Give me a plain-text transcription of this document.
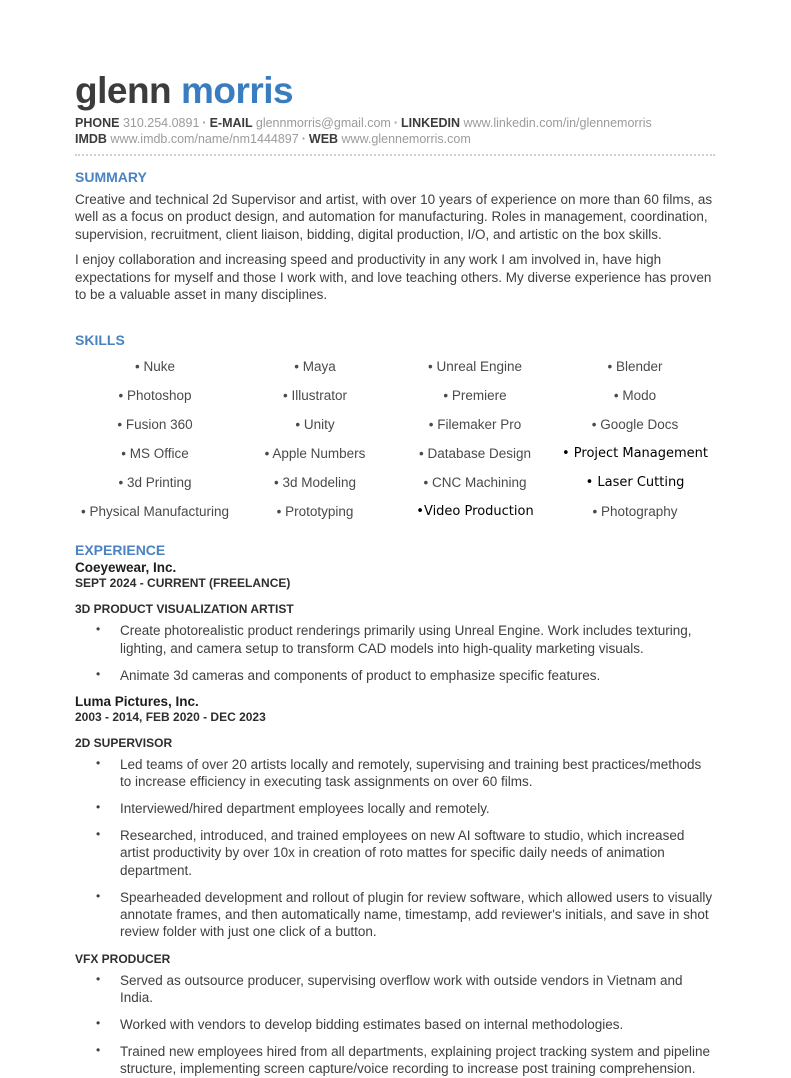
glenn morris
PHONE 310.254.0891 · E-MAIL glennmorris@gmail.com · LINKEDIN www.linkedin.com/in/glennemorris
IMDB www.imdb.com/name/nm1444897 · WEB www.glennemorris.com
SUMMARY

Creative and technical 2d Supervisor and artist, with over 10 years of experience on more than 60 films, as well as a focus on product design, and automation for manufacturing. Roles in management, coordination, supervision, recruitment, client liaison, bidding, digital production, I/O, and artistic on the box skills.

I enjoy collaboration and increasing speed and productivity in any work I am involved in, have high expectations for myself and those I work with, and love teaching others. My diverse experience has proven to be a valuable asset in many disciplines.

SKILLS
• Nuke	• Maya	• Unreal Engine	• Blender
• Photoshop	• Illustrator	• Premiere	• Modo
• Fusion 360	• Unity	• Filemaker Pro	• Google Docs
• MS Office	• Apple Numbers	• Database Design	• Project Management
• 3d Printing	• 3d Modeling	• CNC Machining	• Laser Cutting
• Physical Manufacturing	• Prototyping	•Video Production	• Photography
EXPERIENCE
Coeyewear, Inc.
SEPT 2024 - CURRENT (FREELANCE)
3D PRODUCT VISUALIZATION ARTIST
• Create photorealistic product renderings primarily using Unreal Engine. Work includes texturing, lighting, and camera setup to transform CAD models into high-quality marketing visuals.
• Animate 3d cameras and components of product to emphasize specific features.
Luma Pictures, Inc.
2003 - 2014, FEB 2020 - DEC 2023
2D SUPERVISOR
• Led teams of over 20 artists locally and remotely, supervising and training best practices/methods to increase efficiency in executing task assignments on over 60 films.
• Interviewed/hired department employees locally and remotely.
• Researched, introduced, and trained employees on new AI software to studio, which increased artist productivity by over 10x in creation of roto mattes for specific daily needs of animation department.
• Spearheaded development and rollout of plugin for review software, which allowed users to visually annotate frames, and then automatically name, timestamp, add reviewer's initials, and save in shot review folder with just one click of a button.
VFX PRODUCER
• Served as outsource producer, supervising overflow work with outside vendors in Vietnam and India.
• Worked with vendors to develop bidding estimates based on internal methodologies.
• Trained new employees hired from all departments, explaining project tracking system and pipeline structure, implementing screen capture/voice recording to increase post training comprehension.
